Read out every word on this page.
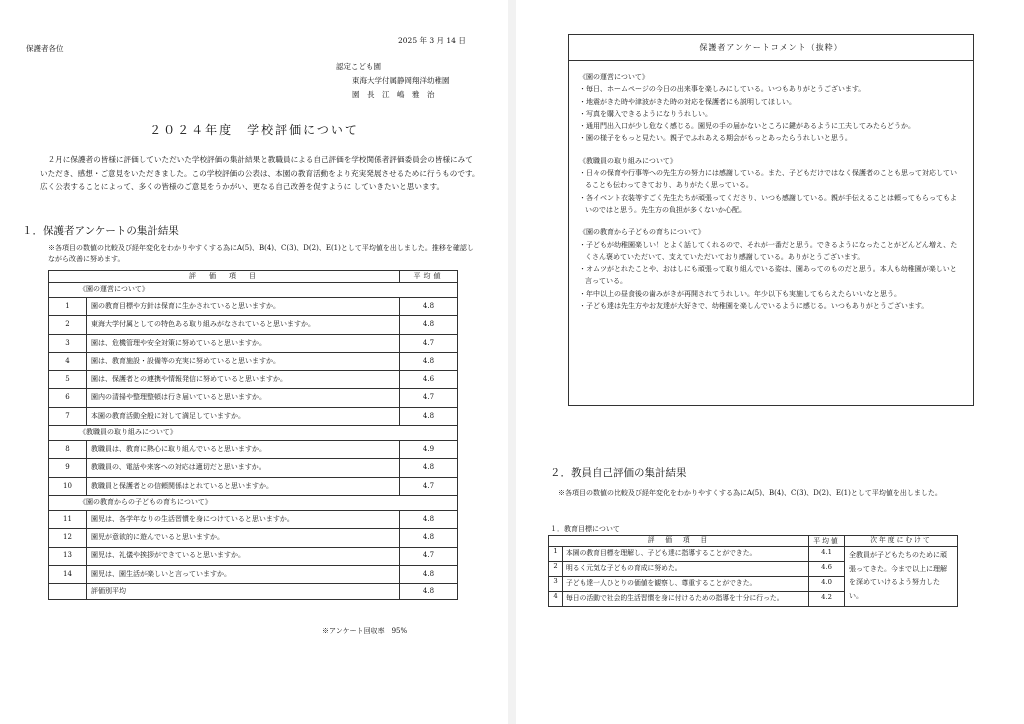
2025 年 3 月 14 日
保護者各位
認定こども園
東海大学付属静岡翔洋幼稚園
園　長　江　嶋　雅　治
２０２４年度　学校評価について

２月に保護者の皆様に評価していただいた学校評価の集計結果と教職員による自己評価を学校関係者評価委員会の皆様にみていただき、感想・ご意見をいただきました。この学校評価の公表は、本園の教育活動をより充実発展させるために行うものです。広く公表することによって、多くの皆様のご意見をうかがい、更なる自己改善を促すように していきたいと思います。

１．保護者アンケートの集計結果

※各項目の数値の比較及び経年変化をわかりやすくする為にA(5)、B(4)、C(3)、D(2)、E(1)として平均値を出しました。推移を確認しながら改善に努めます。

評　価　項　目		平均値
《園の運営について》		
1	園の教育目標や方針は保育に生かされていると思いますか。	4.8
2	東海大学付属としての特色ある取り組みがなされていると思いますか。	4.8
3	園は、危機管理や安全対策に努めていると思いますか。	4.7
4	園は、教育施設・設備等の充実に努めていると思いますか。	4.8
5	園は、保護者との連携や情報発信に努めていると思いますか。	4.6
6	園内の清掃や整理整頓は行き届いていると思いますか。	4.7
7	本園の教育活動全般に対して満足していますか。	4.8
《教職員の取り組みについて》		
8	教職員は、教育に熱心に取り組んでいると思いますか。	4.9
9	教職員の、電話や来客への対応は適切だと思いますか。	4.8
10	教職員と保護者との信頼関係はとれていると思いますか。	4.7
《園の教育からの子どもの育ちについて》		
11	園児は、各学年なりの生活習慣を身につけていると思いますか。	4.8
12	園児が意欲的に遊んでいると思いますか。	4.8
13	園児は、礼儀や挨拶ができていると思いますか。	4.7
14	園児は、園生活が楽しいと言っていますか。	4.8
	評価別平均	4.8
※アンケート回収率　95%
保護者アンケートコメント（抜粋）
《園の運営について》
・毎日、ホームページの今日の出来事を楽しみにしている。いつもありがとうございます。
・地震がきた時や津波がきた時の対応を保護者にも説明してほしい。
・写真を購入できるようになりうれしい。
・通用門出入口が少し危なく感じる。園児の手の届かないところに鍵があるように工夫してみたらどうか。
・園の様子をもっと見たい。親子でふれあえる期会がもっとあったらうれしいと思う。
《教職員の取り組みについて》
・日々の保育や行事等への先生方の努力には感謝している。また、子どもだけではなく保護者のことも思って対応していることも伝わってきており、ありがたく思っている。
・各イベント衣装等すごく先生たちが頑張ってくださり、いつも感謝している。親が手伝えることは頼ってもらってもよいのではと思う。先生方の負担が多くないか心配。
《園の教育から子どもの育ちについて》
・子どもが幼稚園楽しい！とよく話してくれるので、それが一番だと思う。できるようになったことがどんどん増え、たくさん褒めていただいて、支えていただいており感謝している。ありがとうございます。
・オムツがとれたことや、おはしにも頑張って取り組んでいる姿は、園あってのものだと思う。本人も幼稚園が楽しいと言っている。
・年中以上の昼食後の歯みがきが再開されてうれしい。年少以下も実施してもらえたらいいなと思う。
・子ども達は先生方やお友達が大好きで、幼稚園を楽しんでいるように感じる。いつもありがとうございます。
２．教員自己評価の集計結果

※各項目の数値の比較及び経年変化をわかりやすくする為にA(5)、B(4)、C(3)、D(2)、E(1)として平均値を出しました。

１．教育目標について
評　価　項　目		平均値	次年度にむけて
1	本園の教育目標を理解し、子ども達に指導することができた。	4.1	全教員が子どもたちのために頑張ってきた。今まで以上に理解を深めていけるよう努力したい。
2	明るく元気な子どもの育成に努めた。	4.6	
3	子ども達一人ひとりの価値を観察し、尊重することができた。	4.0	
4	毎日の活動で社会的生活習慣を身に付けるための指導を十分に行った。	4.2	
